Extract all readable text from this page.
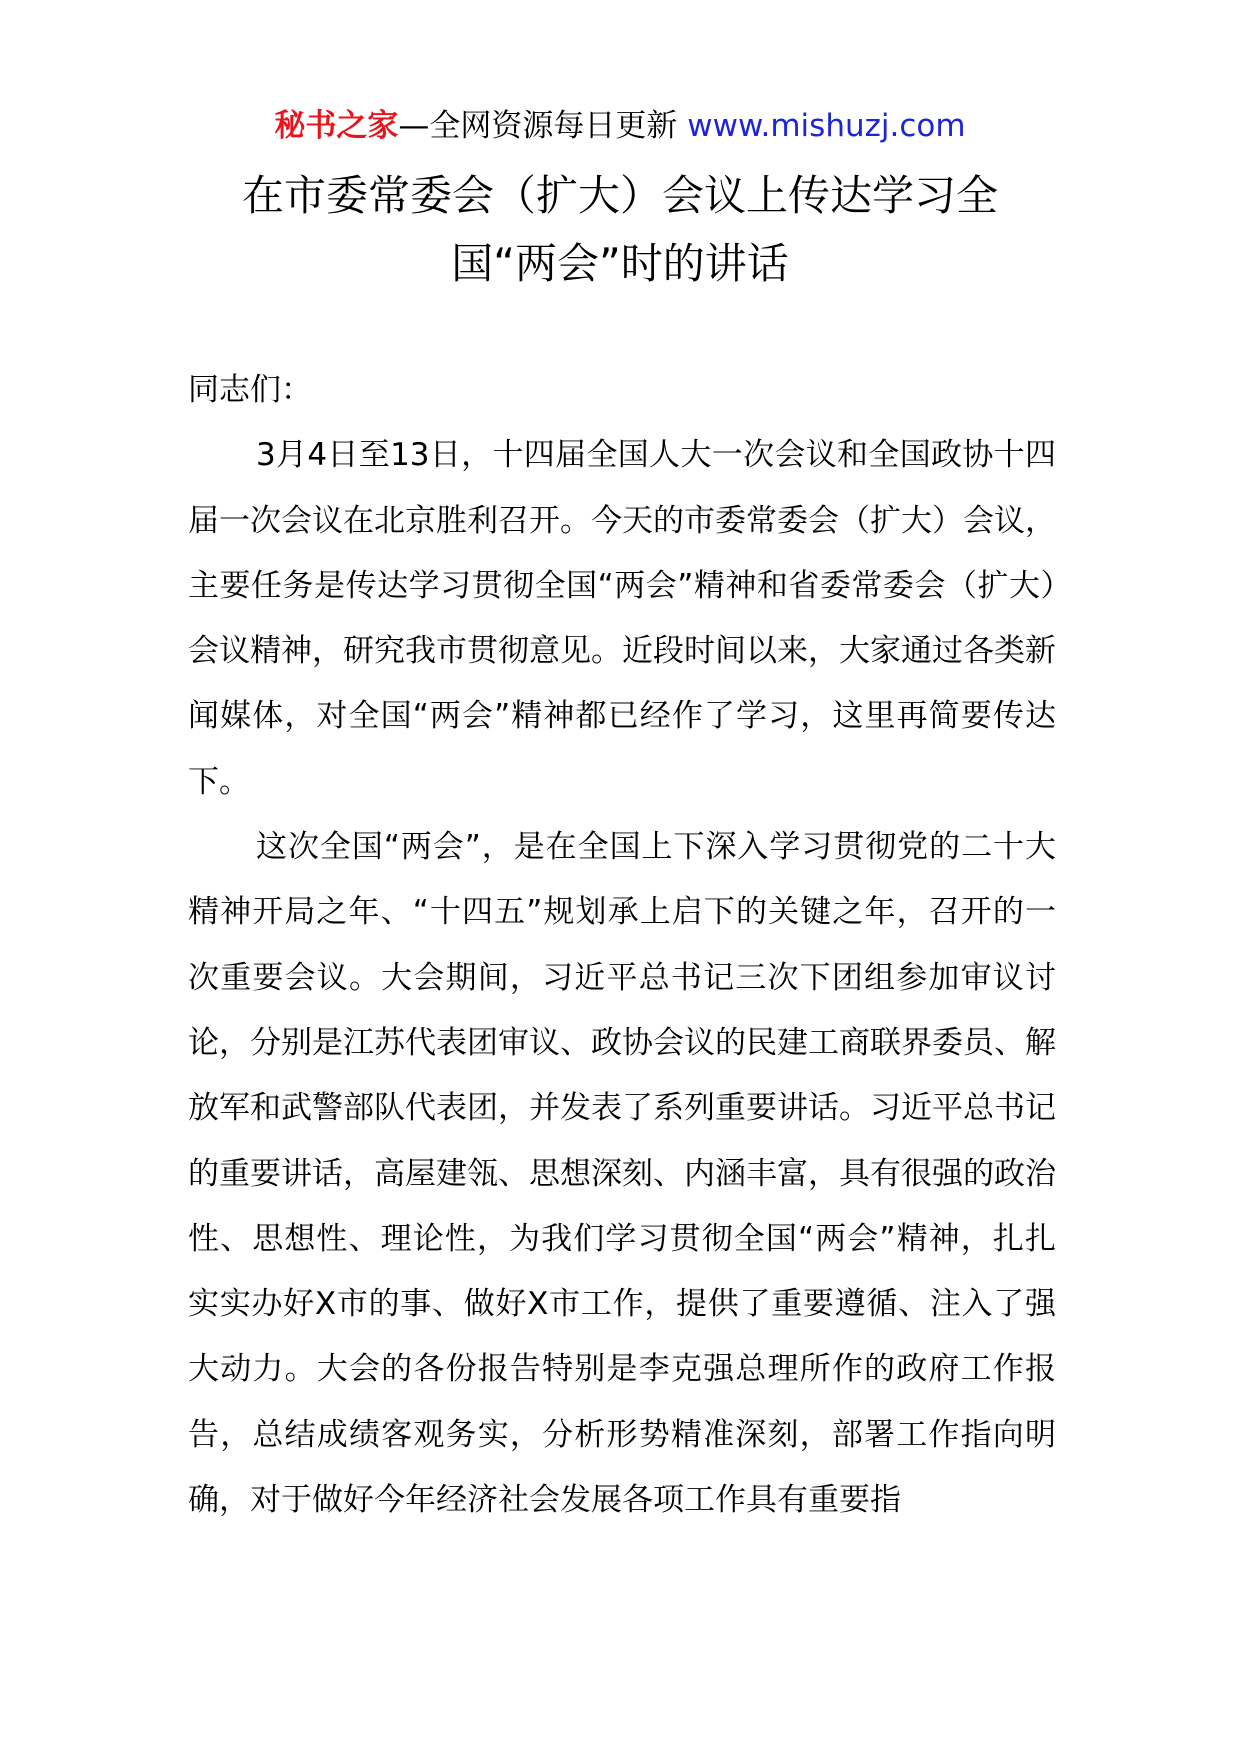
秘书之家—全网资源每日更新 www.mishuzj.com
在市委常委会（扩大）会议上传达学习全
国“两会”时的讲话

同志们：

3月4日至13日，十四届全国人大一次会议和全国政协十四届一次会议在北京胜利召开。今天的市委常委会（扩大）会议，主要任务是传达学习贯彻全国“两会”精神和省委常委会（扩大）会议精神，研究我市贯彻意见。近段时间以来，大家通过各类新闻媒体，对全国“两会”精神都已经作了学习，这里再简要传达下。

这次全国“两会”，是在全国上下深入学习贯彻党的二十大精神开局之年、“十四五”规划承上启下的关键之年，召开的一次重要会议。大会期间，习近平总书记三次下团组参加审议讨论，分别是江苏代表团审议、政协会议的民建工商联界委员、解放军和武警部队代表团，并发表了系列重要讲话。习近平总书记的重要讲话，高屋建瓴、思想深刻、内涵丰富，具有很强的政治性、思想性、理论性，为我们学习贯彻全国“两会”精神，扎扎实实办好X市的事、做好X市工作，提供了重要遵循、注入了强大动力。大会的各份报告特别是李克强总理所作的政府工作报告，总结成绩客观务实，分析形势精准深刻，部署工作指向明确，对于做好今年经济社会发展各项工作具有重要指
